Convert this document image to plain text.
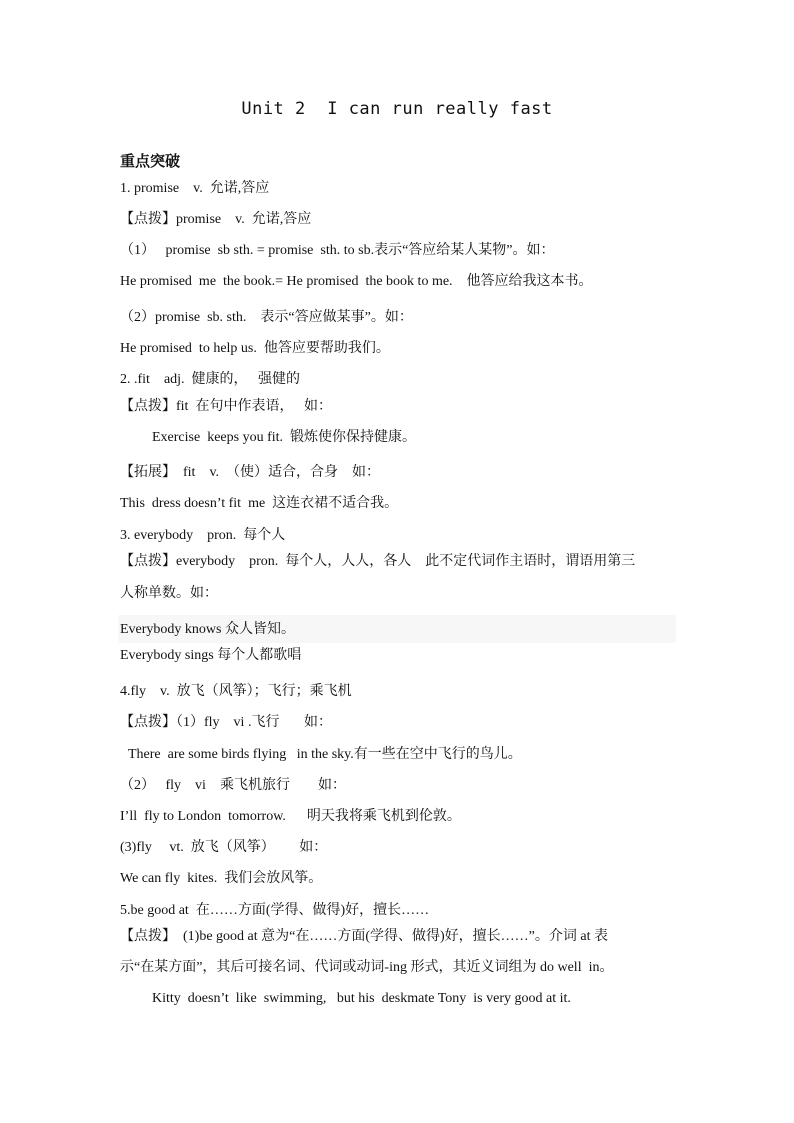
Unit 2  I can run really fast
重点突破
1. promise    v.  允诺,答应
【点拨】promise    v.  允诺,答应
（1）   promise  sb sth. = promise  sth. to sb.表示“答应给某人某物”。如：
He promised  me  the book.= He promised  the book to me.    他答应给我这本书。
（2）promise  sb. sth.    表示“答应做某事”。如：
He promised  to help us.  他答应要帮助我们。
2. .fit    adj.  健康的，   强健的
【点拨】fit  在句中作表语，   如：
Exercise  keeps you fit.  锻炼使你保持健康。
【拓展】  fit    v.  （使）适合，合身    如：
This  dress doesn’t fit  me  这连衣裙不适合我。
3. everybody    pron.  每个人
【点拨】everybody    pron.  每个人，人人，各人    此不定代词作主语时，谓语用第三
人称单数。如：
Everybody knows 众人皆知。
Everybody sings 每个人都歌唱
4.fly    v.  放飞（风筝）；飞行；乘飞机
【点拨】（1）fly    vi .飞行       如：
There  are some birds flying   in the sky.有一些在空中飞行的鸟儿。
（2）   fly    vi    乘飞机旅行        如：
I’ll  fly to London  tomorrow.      明天我将乘飞机到伦敦。
(3)fly     vt.  放飞（风筝）       如：
We can fly  kites.  我们会放风筝。
5.be good at  在……方面(学得、做得)好，擅长……
【点拨】  (1)be good at 意为“在……方面(学得、做得)好，擅长……”。介词 at 表
示“在某方面”，其后可接名词、代词或动词-ing 形式，其近义词组为 do well  in。
Kitty  doesn’t  like  swimming,   but his  deskmate Tony  is very good at it.
